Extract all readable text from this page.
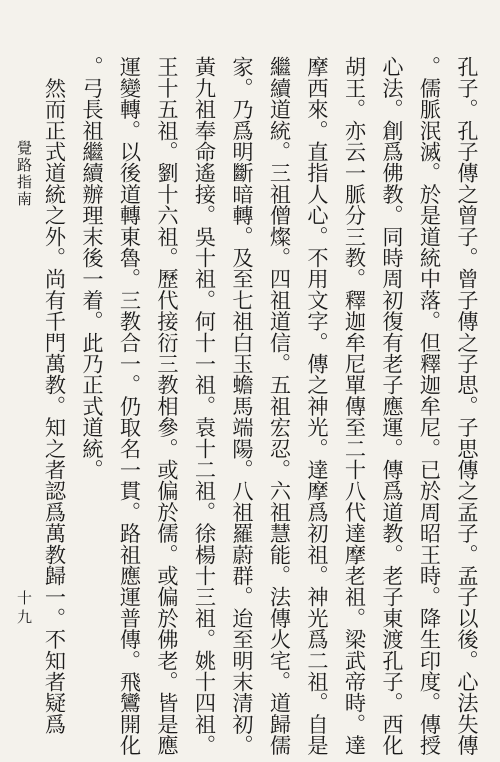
孔子。孔子傳之曾子。曾子傳之子思。子思傳之孟子。孟子以後。心法失傳
。儒脈泯滅。於是道統中落。但釋迦牟尼。已於周昭王時。降生印度。傳授
心法。創爲佛教。同時周初復有老子應運。傳爲道教。老子東渡孔子。西化
胡王。亦云一脈分三教。釋迦牟尼單傳至二十八代達摩老祖。梁武帝時。達
摩西來。直指人心。不用文字。傳之神光。達摩爲初祖。神光爲二祖。自是
繼續道統。三祖僧燦。四祖道信。五祖宏忍。六祖慧能。法傳火宅。道歸儒
家。乃爲明斷暗轉。及至七祖白玉蟾馬端陽。八祖羅蔚群。迨至明末清初。
黃九祖奉命遙接。吳十祖。何十一祖。袁十二祖。徐楊十三祖。姚十四祖。
王十五祖。劉十六祖。歷代接衍三教相參。或偏於儒。或偏於佛老。皆是應
運變轉。以後道轉東魯。三教合一。仍取名一貫。路祖應運普傳。飛鸞開化
。弓長祖繼續辦理末後一着。此乃正式道統。
　然而正式道統之外。尚有千門萬教。知之者認爲萬教歸一。不知者疑爲
覺路指南
十九
